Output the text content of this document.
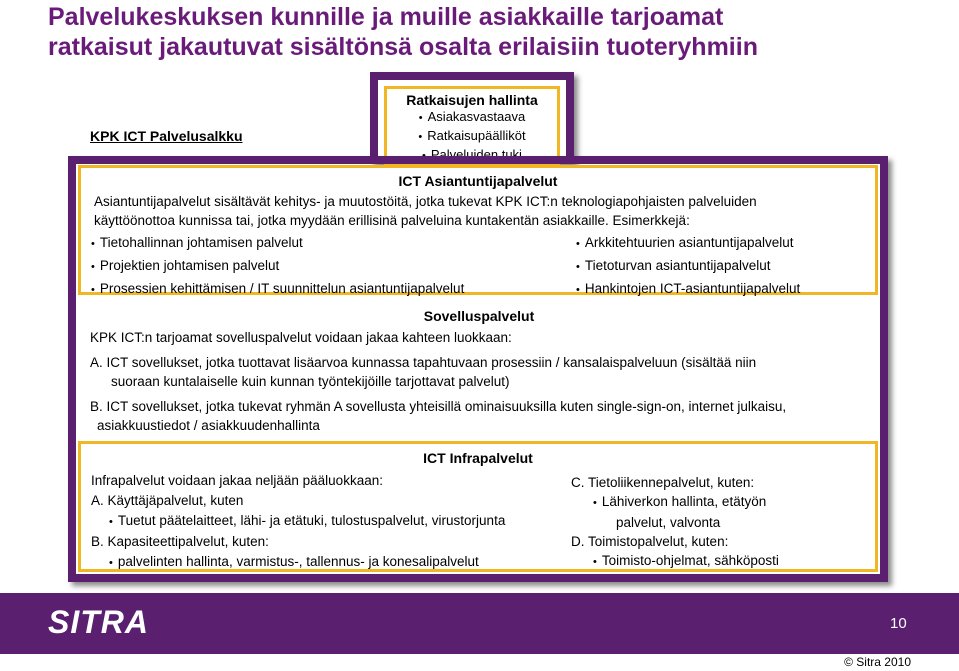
Palvelukeskuksen kunnille ja muille asiakkaille tarjoamat
ratkaisut jakautuvat sisältönsä osalta erilaisiin tuoteryhmiin
KPK ICT Palvelusalkku
Ratkaisujen hallinta
• Asiakasvastaava
• Ratkaisupäälliköt
• Palveluiden tuki
ICT Asiantuntijapalvelut
Asiantuntijapalvelut sisältävät kehitys- ja muutostöitä, jotka tukevat KPK ICT:n teknologiapohjaisten palveluiden
käyttöönottoa kunnissa tai, jotka myydään erillisinä palveluina kuntakentän asiakkaille. Esimerkkejä:
• Tietohallinnan johtamisen palvelut
• Projektien johtamisen palvelut
• Prosessien kehittämisen / IT suunnittelun asiantuntijapalvelut
• Arkkitehtuurien asiantuntijapalvelut
• Tietoturvan asiantuntijapalvelut
• Hankintojen ICT-asiantuntijapalvelut
Sovelluspalvelut
KPK ICT:n tarjoamat sovelluspalvelut voidaan jakaa kahteen luokkaan:
A. ICT sovellukset, jotka tuottavat lisäarvoa kunnassa tapahtuvaan prosessiin / kansalaispalveluun (sisältää niin
suoraan kuntalaiselle kuin kunnan työntekijöille tarjottavat palvelut)
B. ICT sovellukset, jotka tukevat ryhmän A sovellusta yhteisillä ominaisuuksilla kuten single-sign-on, internet julkaisu,
asiakkuustiedot / asiakkuudenhallinta
ICT Infrapalvelut
Infrapalvelut voidaan jakaa neljään pääluokkaan:
A. Käyttäjäpalvelut, kuten
• Tuetut päätelaitteet, lähi- ja etätuki, tulostuspalvelut, virustorjunta
B. Kapasiteettipalvelut, kuten:
• palvelinten hallinta, varmistus-, tallennus- ja konesalipalvelut
C. Tietoliikennepalvelut, kuten:
• Lähiverkon hallinta, etätyön
palvelut, valvonta
D. Toimistopalvelut, kuten:
• Toimisto-ohjelmat, sähköposti
SITRA	10
© Sitra 2010
